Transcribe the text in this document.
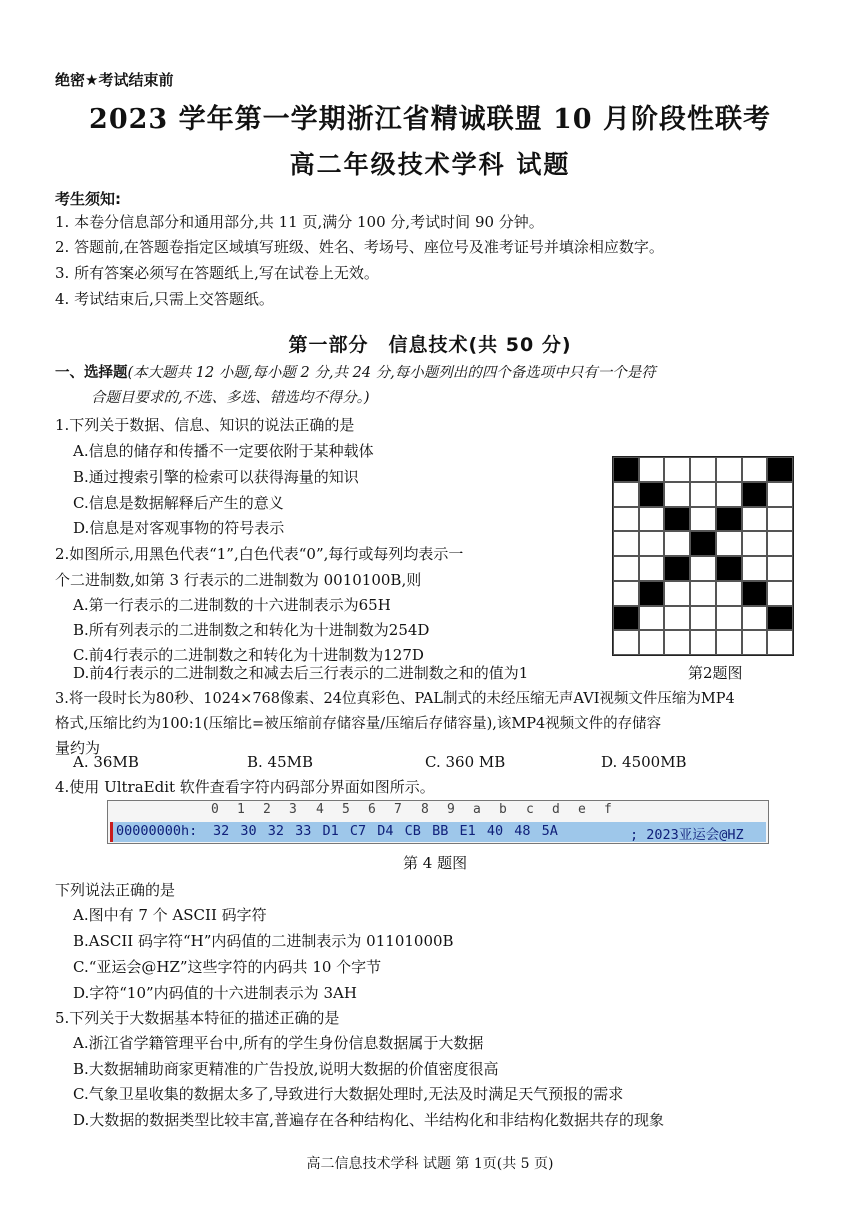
绝密★考试结束前
2023 学年第一学期浙江省精诚联盟 10 月阶段性联考
高二年级技术学科 试题
考生须知:
1. 本卷分信息部分和通用部分,共 11 页,满分 100 分,考试时间 90 分钟。
2. 答题前,在答题卷指定区域填写班级、姓名、考场号、座位号及准考证号并填涂相应数字。
3. 所有答案必须写在答题纸上,写在试卷上无效。
4. 考试结束后,只需上交答题纸。
第一部分　信息技术(共 50 分)
一、选择题(本大题共 12 小题,每小题 2 分,共 24 分,每小题列出的四个备选项中只有一个是符
合题目要求的,不选、多选、错选均不得分。)
1.下列关于数据、信息、知识的说法正确的是
A.信息的储存和传播不一定要依附于某种载体
B.通过搜索引擎的检索可以获得海量的知识
C.信息是数据解释后产生的意义
D.信息是对客观事物的符号表示
2.如图所示,用黑色代表“1”,白色代表“0”,每行或每列均表示一
个二进制数,如第 3 行表示的二进制数为 0010100B,则
A.第一行表示的二进制数的十六进制表示为65H
B.所有列表示的二进制数之和转化为十进制数为254D
C.前4行表示的二进制数之和转化为十进制数为127D
D.前4行表示的二进制数之和减去后三行表示的二进制数之和的值为1	第2题图
3.将一段时长为80秒、1024×768像素、24位真彩色、PAL制式的未经压缩无声AVI视频文件压缩为MP4
格式,压缩比约为100:1(压缩比=被压缩前存储容量/压缩后存储容量),该MP4视频文件的存储容
量约为
A. 36MB	B. 45MB	C. 360 MB	D. 4500MB
4.使用 UltraEdit 软件查看字符内码部分界面如图所示。
0 1 2 3 4 5 6 7 8 9 a b c d e f
00000000h: 32 30 32 33 D1 C7 D4 CB BB E1 40 48 5A	; 2023亚运会@HZ
第 4 题图
下列说法正确的是
A.图中有 7 个 ASCII 码字符
B.ASCII 码字符“H”内码值的二进制表示为 01101000B
C.“亚运会@HZ”这些字符的内码共 10 个字节
D.字符“10”内码值的十六进制表示为 3AH
5.下列关于大数据基本特征的描述正确的是
A.浙江省学籍管理平台中,所有的学生身份信息数据属于大数据
B.大数据辅助商家更精准的广告投放,说明大数据的价值密度很高
C.气象卫星收集的数据太多了,导致进行大数据处理时,无法及时满足天气预报的需求
D.大数据的数据类型比较丰富,普遍存在各种结构化、半结构化和非结构化数据共存的现象
高二信息技术学科 试题 第 1页(共 5 页)
